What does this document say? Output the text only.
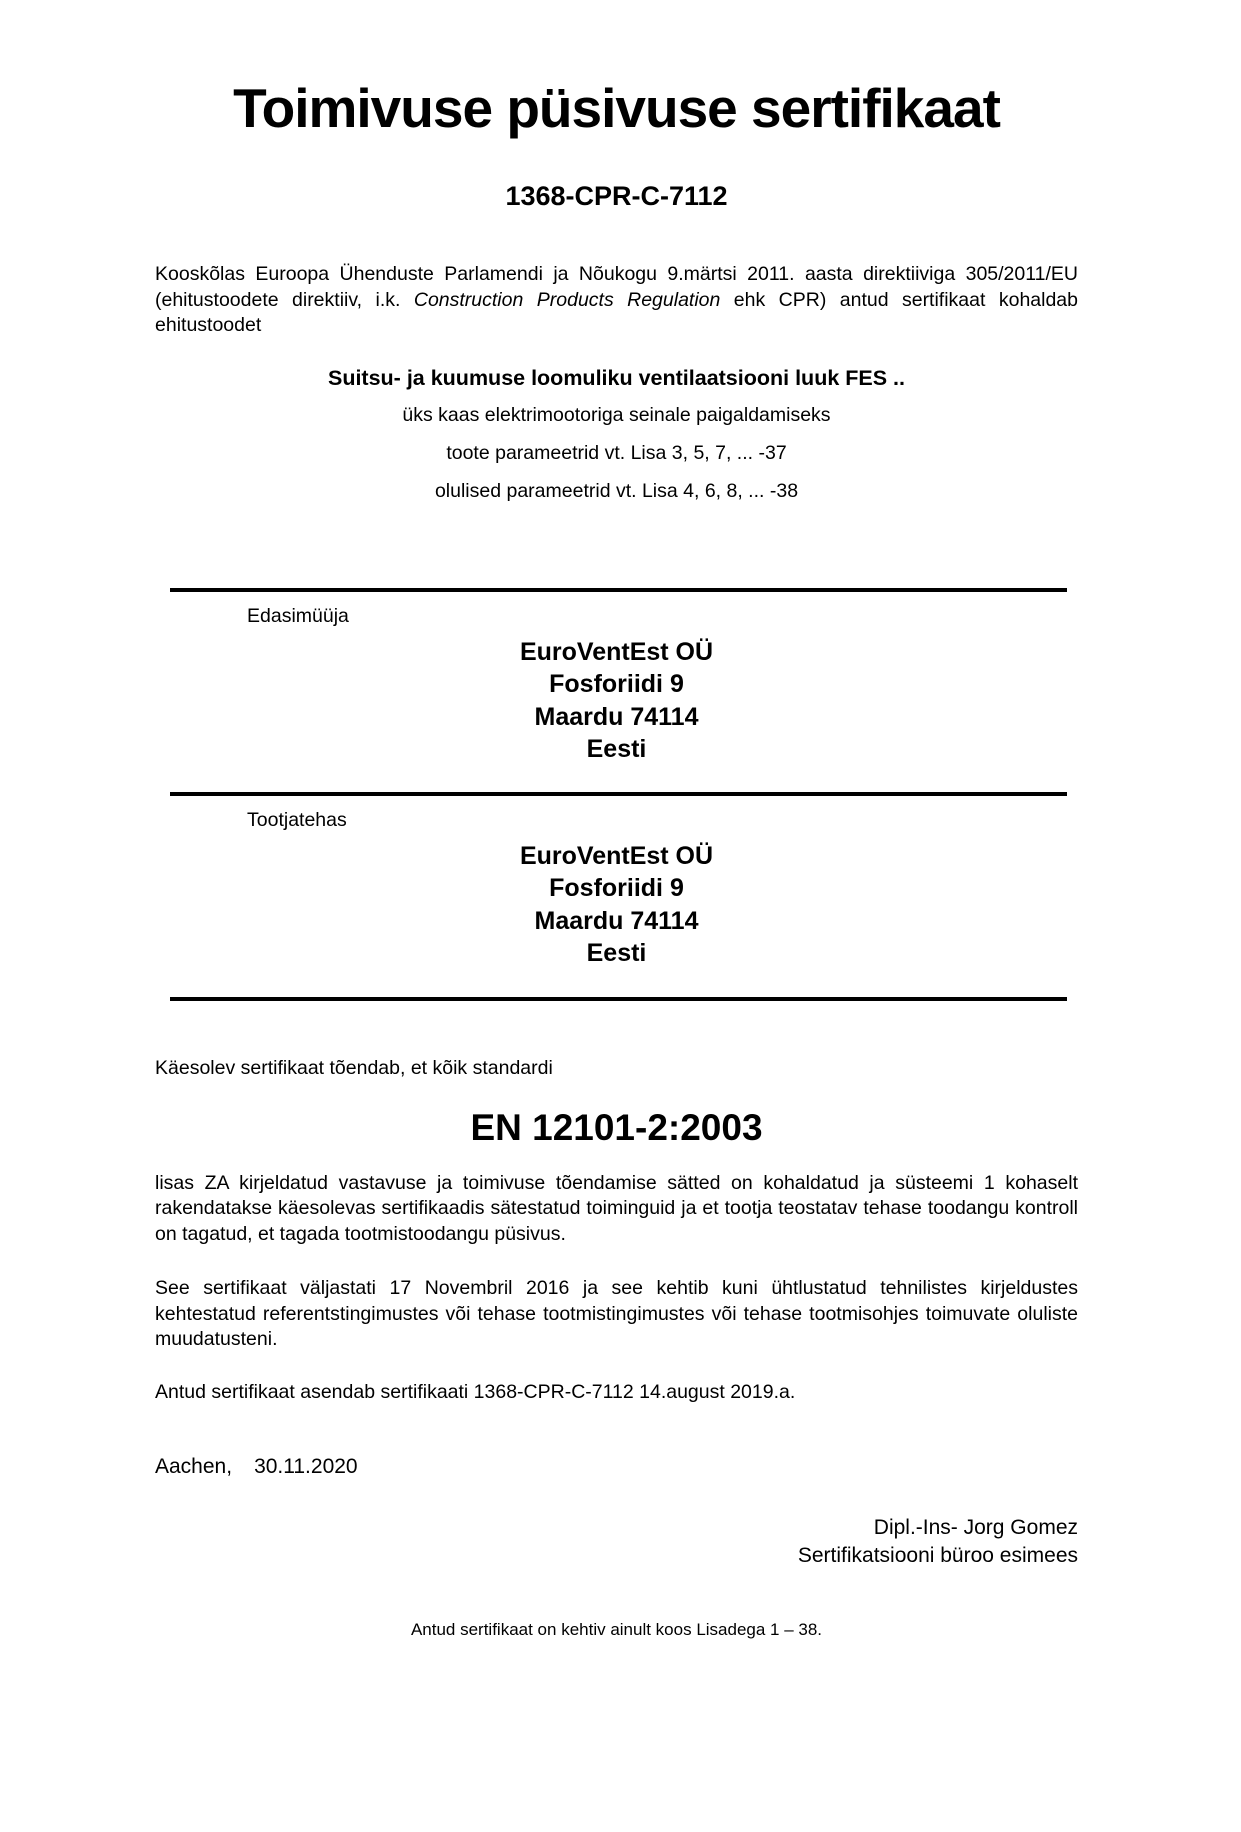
Toimivuse püsivuse sertifikaat
1368-CPR-C-7112

Kooskõlas Euroopa Ühenduste Parlamendi ja Nõukogu 9.märtsi 2011. aasta direktiiviga 305/2011/EU (ehitustoodete direktiiv, i.k. Construction Products Regulation ehk CPR) antud sertifikaat kohaldab ehitustoodet

Suitsu- ja kuumuse loomuliku ventilaatsiooni luuk FES ..
üks kaas elektrimootoriga seinale paigaldamiseks
toote parameetrid vt. Lisa 3, 5, 7, ... -37
olulised parameetrid vt. Lisa 4, 6, 8, ... -38
Edasimüüja
EuroVentEst OÜ
Fosforiidi 9
Maardu 74114
Eesti
Tootjatehas
EuroVentEst OÜ
Fosforiidi 9
Maardu 74114
Eesti
Käesolev sertifikaat tõendab, et kõik standardi
EN 12101-2:2003

lisas ZA kirjeldatud vastavuse ja toimivuse tõendamise sätted on kohaldatud ja süsteemi 1 kohaselt rakendatakse käesolevas sertifikaadis sätestatud toiminguid ja et tootja teostatav tehase toodangu kontroll on tagatud, et tagada tootmistoodangu püsivus.

See sertifikaat väljastati 17 Novembril 2016 ja see kehtib kuni ühtlustatud tehnilistes kirjeldustes kehtestatud referentstingimustes või tehase tootmistingimustes või tehase tootmisohjes toimuvate oluliste muudatusteni.

Antud sertifikaat asendab sertifikaati 1368-CPR-C-7112 14.august 2019.a.

Aachen, 30.11.2020
Dipl.-Ins- Jorg Gomez
Sertifikatsiooni büroo esimees
Antud sertifikaat on kehtiv ainult koos Lisadega 1 – 38.
